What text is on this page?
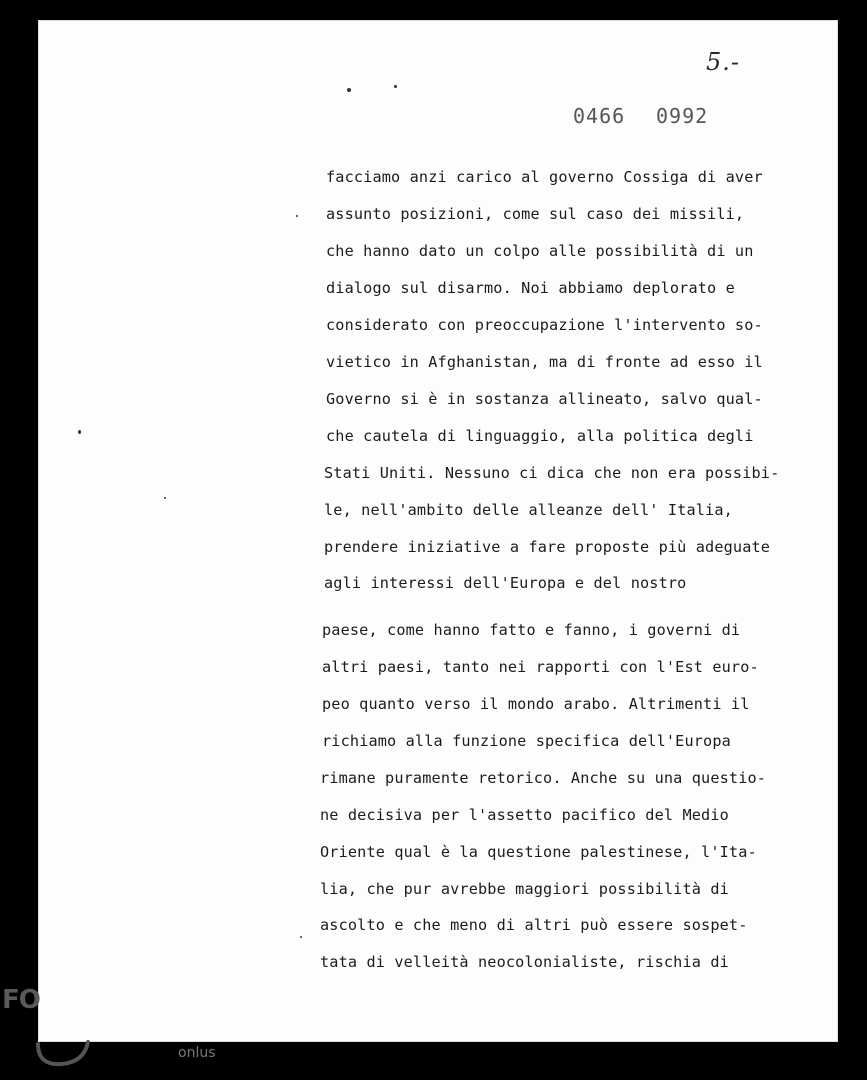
5.-
0466 0992
facciamo anzi carico al governo Cossiga di aver
assunto posizioni, come sul caso dei missili,
che hanno dato un colpo alle possibilità di un
dialogo sul disarmo. Noi abbiamo deplorato e
considerato con preoccupazione l'intervento so-
vietico in Afghanistan, ma di fronte ad esso il
Governo si è in sostanza allineato, salvo qual-
che cautela di linguaggio, alla politica degli
Stati Uniti. Nessuno ci dica che non era possibi-
le, nell'ambito delle alleanze dell' Italia,
prendere iniziative a fare proposte più adeguate
agli interessi dell'Europa e del nostro
paese, come hanno fatto e fanno, i governi di
altri paesi, tanto nei rapporti con l'Est euro-
peo quanto verso il mondo arabo. Altrimenti il
richiamo alla funzione specifica dell'Europa
rimane puramente retorico. Anche su una questio-
ne decisiva per l'assetto pacifico del Medio
Oriente qual è la questione palestinese, l'Ita-
lia, che pur avrebbe maggiori possibilità di
ascolto e che meno di altri può essere sospet-
tata di velleità neocolonialiste, rischia di
FO
onlus
